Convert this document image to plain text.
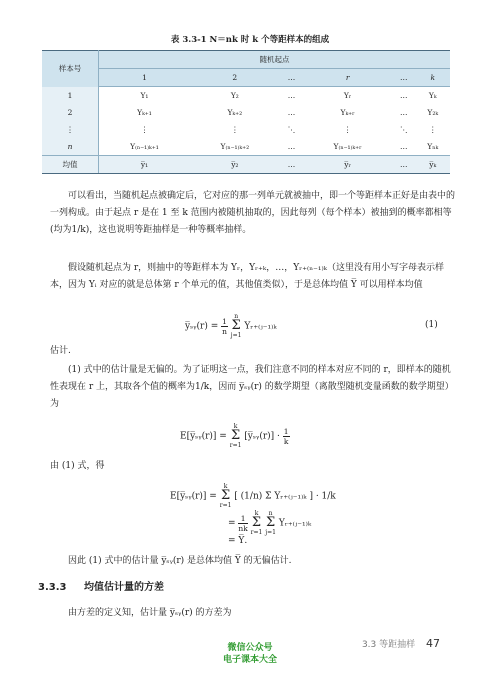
表 3.3-1 N＝nk 时 k 个等距样本的组成
样本号	随机起点					
	1	2	…	r	…	k
1	Y₁	Y₂	…	Yᵣ	…	Yₖ
2	Yₖ₊₁	Yₖ₊₂	…	Yₖ₊ᵣ	…	Y₂ₖ
⋮	⋮	⋮	⋱	⋮	⋱	⋮
n	Y₍ₙ₋₁₎ₖ₊₁	Y₍ₙ₋₁₎ₖ₊₂	…	Y₍ₙ₋₁₎ₖ₊ᵣ	…	Yₙₖ
均值	y̅₁	y̅₂	…	y̅ᵣ	…	y̅ₖ
可以看出，当随机起点被确定后，它对应的那一列单元就被抽中，即一个等距样本正好是由表中的一列构成。由于起点 r 是在 1 至 k 范围内被随机抽取的，因此每列（每个样本）被抽到的概率都相等(均为1/k)，这也说明等距抽样是一种等概率抽样。
假设随机起点为 r，则抽中的等距样本为 Yᵣ，Yᵣ₊ₖ，…，Yᵣ₊₍ₙ₋₁₎ₖ（这里没有用小写字母表示样本，因为 Yᵢ 对应的就是总体第 r 个单元的值，其他值类似），于是总体均值 Y̅ 可以用样本均值
y̅ₛᵧ(r) = $\frac{1}{n}$
	n
Σ
j=1
Yᵣ₊₍ⱼ₋₁₎ₖ	(1)
估计.
(1) 式中的估计量是无偏的。为了证明这一点，我们注意不同的样本对应不同的 r，即样本的随机性表现在 r 上，其取各个值的概率为1/k，因而 y̅ₛᵧ(r) 的数学期望（离散型随机变量函数的数学期望）为
E[y̅ₛᵧ(r)] =
k
Σ
r=1
[y̅ₛᵧ(r)] · $\frac{1}{k}$
由 (1) 式，得
E[y̅ₛᵧ(r)] =
k
Σ
r=1
[ (1/n) Σ Yᵣ₊₍ⱼ₋₁₎ₖ ] · 1/k
= $\frac{1}{nk}$
	k
Σ
r=1

n
Σ
j=1
Yᵣ₊₍ⱼ₋₁₎ₖ
= Y̅.
因此 (1) 式中的估计量 y̅ₛᵧ(r) 是总体均值 Y̅ 的无偏估计.
3.3.3 均值估计量的方差
由方差的定义知，估计量 y̅ₛᵧ(r) 的方差为
3.3 等距抽样 47
微信公众号
电子课本大全
